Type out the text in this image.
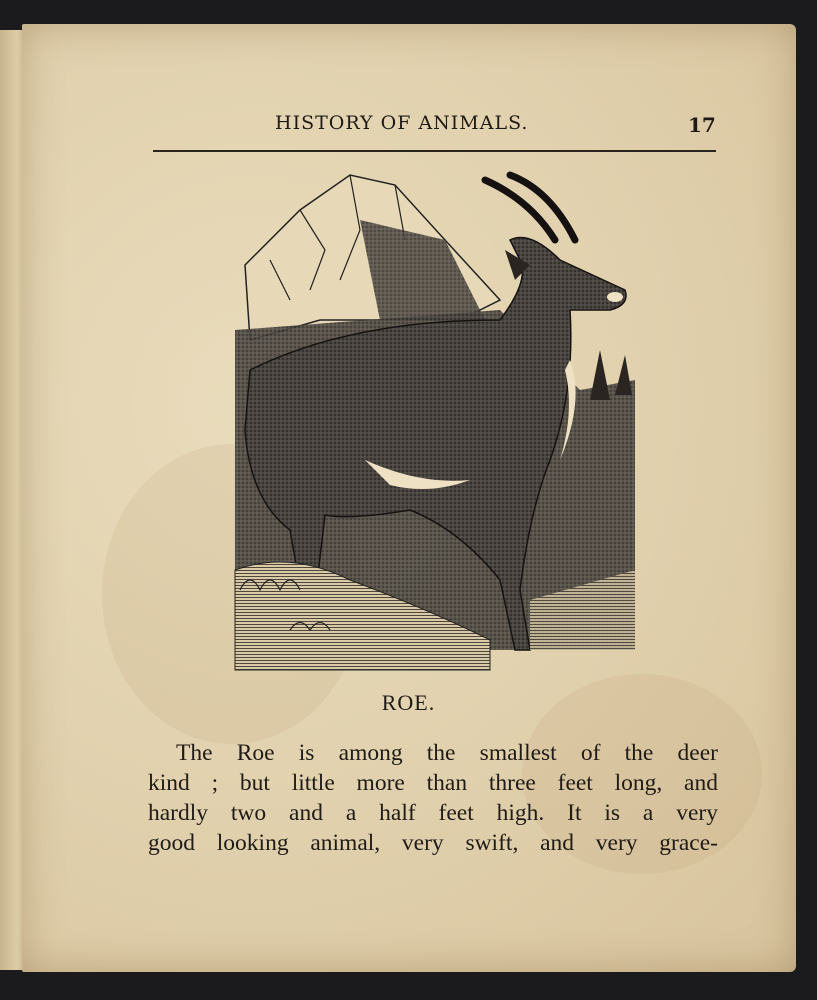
HISTORY OF ANIMALS.	17
ROE.
The Roe is among the smallest of the deer
kind ; but little more than three feet long, and
hardly two and a half feet high. It is a very
good looking animal, very swift, and very grace-
